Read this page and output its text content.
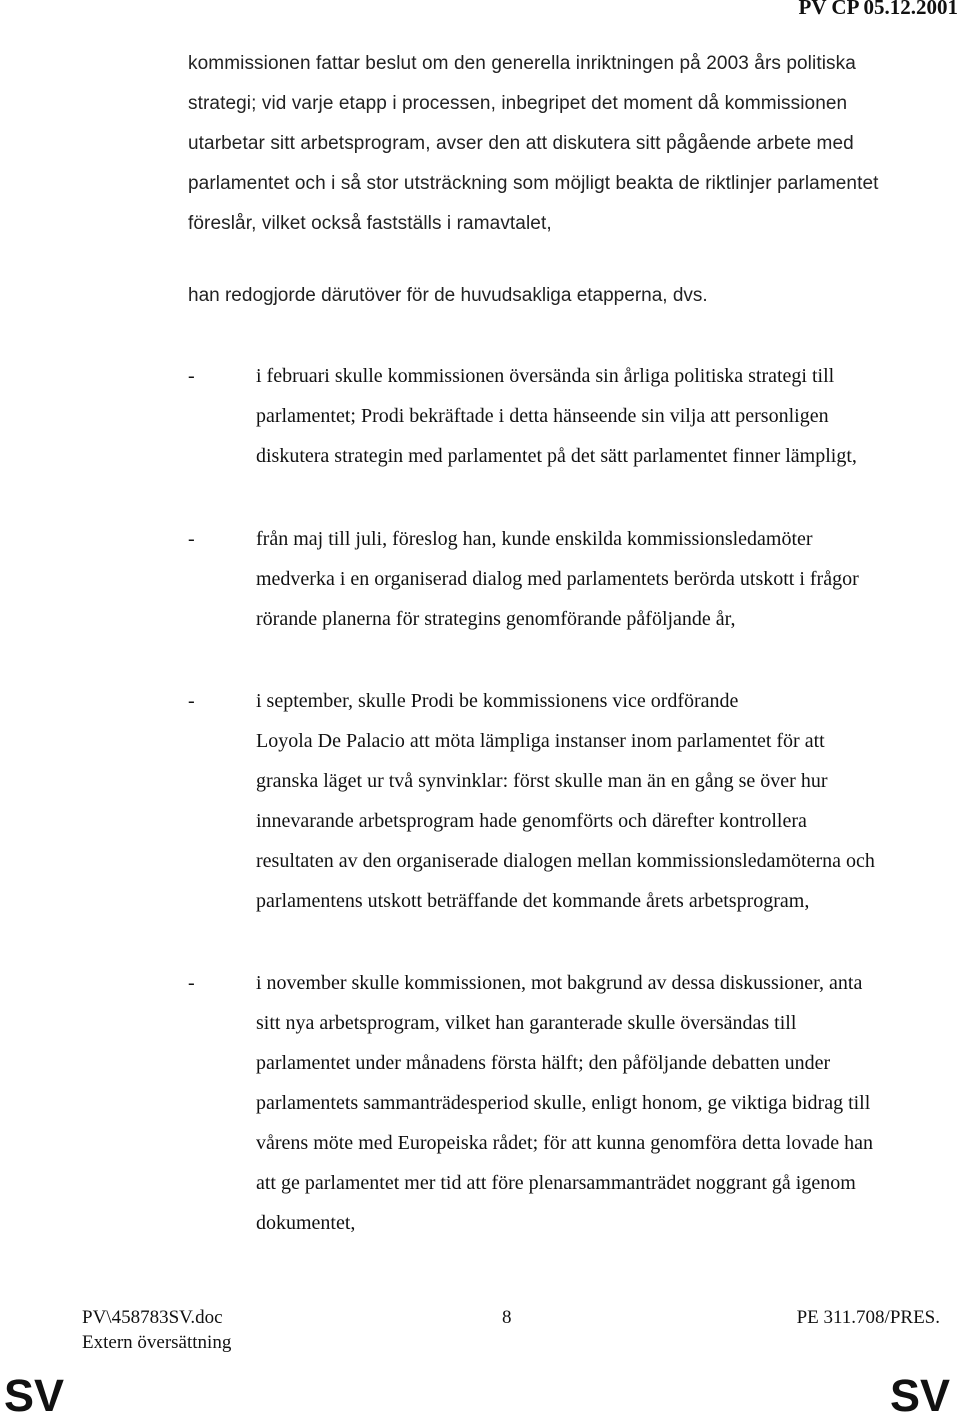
PV CP 05.12.2001
kommissionen fattar beslut om den generella inriktningen på 2003 års politiska
strategi; vid varje etapp i processen, inbegripet det moment då kommissionen
utarbetar sitt arbetsprogram, avser den att diskutera sitt pågående arbete med
parlamentet och i så stor utsträckning som möjligt beakta de riktlinjer parlamentet
föreslår, vilket också fastställs i ramavtalet,
han redogjorde därutöver för de huvudsakliga etapperna, dvs.
-	i februari skulle kommissionen översända sin årliga politiska strategi till
parlamentet; Prodi bekräftade i detta hänseende sin vilja att personligen
diskutera strategin med parlamentet på det sätt parlamentet finner lämpligt,
-	från maj till juli, föreslog han, kunde enskilda kommissionsledamöter
medverka i en organiserad dialog med parlamentets berörda utskott i frågor
rörande planerna för strategins genomförande påföljande år,
-	i september, skulle Prodi be kommissionens vice ordförande
Loyola De Palacio att möta lämpliga instanser inom parlamentet för att
granska läget ur två synvinklar: först skulle man än en gång se över hur
innevarande arbetsprogram hade genomförts och därefter kontrollera
resultaten av den organiserade dialogen mellan kommissionsledamöterna och
parlamentens utskott beträffande det kommande årets arbetsprogram,
-	i november skulle kommissionen, mot bakgrund av dessa diskussioner, anta
sitt nya arbetsprogram, vilket han garanterade skulle översändas till
parlamentet under månadens första hälft; den påföljande debatten under
parlamentets sammanträdesperiod skulle, enligt honom, ge viktiga bidrag till
vårens möte med Europeiska rådet; för att kunna genomföra detta lovade han
att ge parlamentet mer tid att före plenarsammanträdet noggrant gå igenom
dokumentet,
PV\458783SV.doc
Extern översättning
8	PE 311.708/PRES.
SV	SV
